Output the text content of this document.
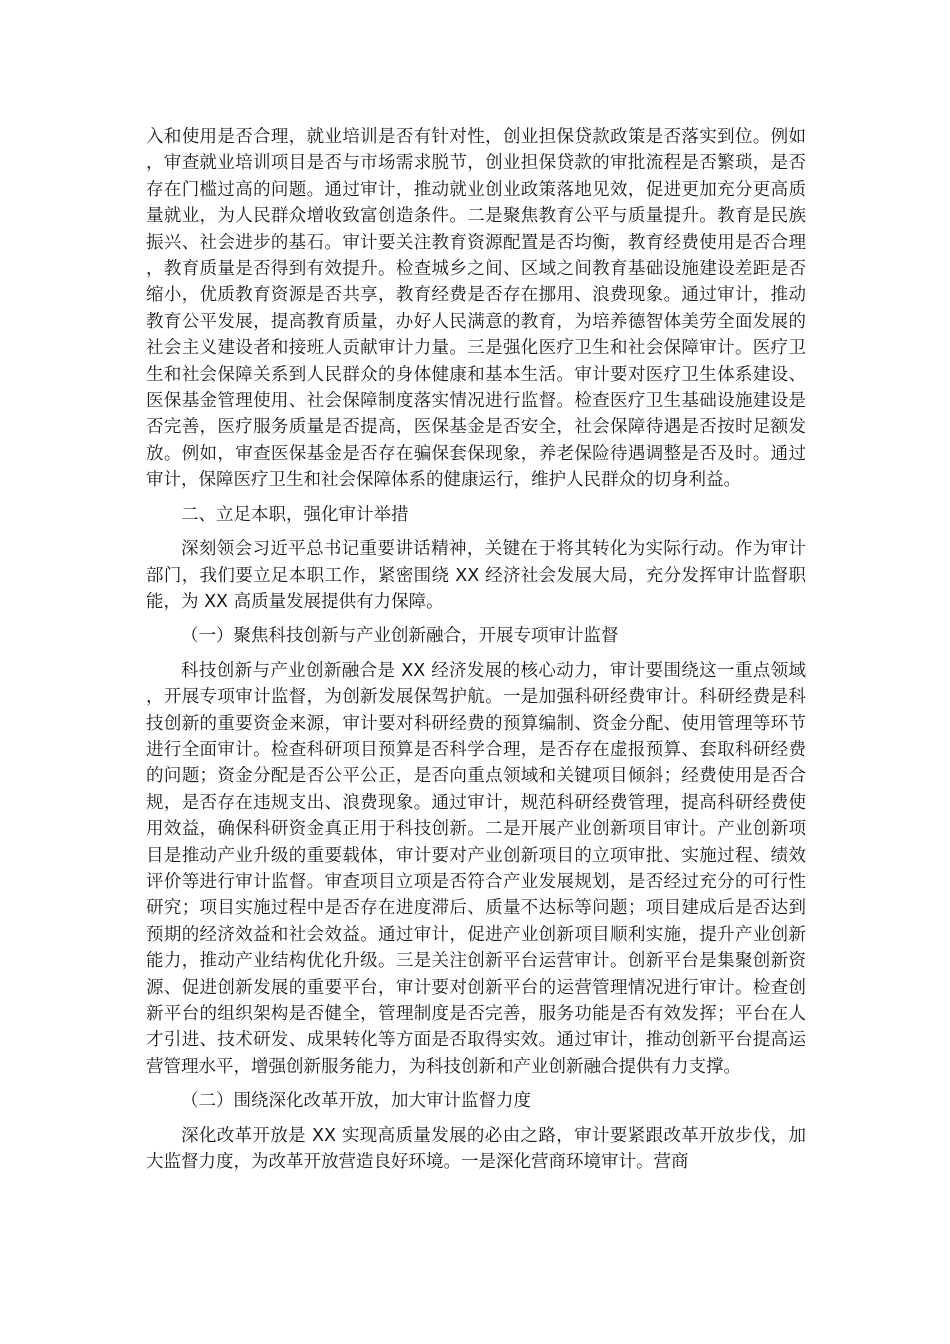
入和使用是否合理，就业培训是否有针对性，创业担保贷款政策是否落实到位。例如，审查就业培训项目是否与市场需求脱节，创业担保贷款的审批流程是否繁琐，是否存在门槛过高的问题。通过审计，推动就业创业政策落地见效，促进更加充分更高质量就业，为人民群众增收致富创造条件。二是聚焦教育公平与质量提升。教育是民族振兴、社会进步的基石。审计要关注教育资源配置是否均衡，教育经费使用是否合理，教育质量是否得到有效提升。检查城乡之间、区域之间教育基础设施建设差距是否缩小，优质教育资源是否共享，教育经费是否存在挪用、浪费现象。通过审计，推动教育公平发展，提高教育质量，办好人民满意的教育，为培养德智体美劳全面发展的社会主义建设者和接班人贡献审计力量。三是强化医疗卫生和社会保障审计。医疗卫生和社会保障关系到人民群众的身体健康和基本生活。审计要对医疗卫生体系建设、医保基金管理使用、社会保障制度落实情况进行监督。检查医疗卫生基础设施建设是否完善，医疗服务质量是否提高，医保基金是否安全，社会保障待遇是否按时足额发放。例如，审查医保基金是否存在骗保套保现象，养老保险待遇调整是否及时。通过审计，保障医疗卫生和社会保障体系的健康运行，维护人民群众的切身利益。

二、立足本职，强化审计举措

深刻领会习近平总书记重要讲话精神，关键在于将其转化为实际行动。作为审计部门，我们要立足本职工作，紧密围绕 XX 经济社会发展大局，充分发挥审计监督职能，为 XX 高质量发展提供有力保障。

（一）聚焦科技创新与产业创新融合，开展专项审计监督

科技创新与产业创新融合是 XX 经济发展的核心动力，审计要围绕这一重点领域，开展专项审计监督，为创新发展保驾护航。一是加强科研经费审计。科研经费是科技创新的重要资金来源，审计要对科研经费的预算编制、资金分配、使用管理等环节进行全面审计。检查科研项目预算是否科学合理，是否存在虚报预算、套取科研经费的问题；资金分配是否公平公正，是否向重点领域和关键项目倾斜；经费使用是否合规，是否存在违规支出、浪费现象。通过审计，规范科研经费管理，提高科研经费使用效益，确保科研资金真正用于科技创新。二是开展产业创新项目审计。产业创新项目是推动产业升级的重要载体，审计要对产业创新项目的立项审批、实施过程、绩效评价等进行审计监督。审查项目立项是否符合产业发展规划，是否经过充分的可行性研究；项目实施过程中是否存在进度滞后、质量不达标等问题；项目建成后是否达到预期的经济效益和社会效益。通过审计，促进产业创新项目顺利实施，提升产业创新能力，推动产业结构优化升级。三是关注创新平台运营审计。创新平台是集聚创新资源、促进创新发展的重要平台，审计要对创新平台的运营管理情况进行审计。检查创新平台的组织架构是否健全，管理制度是否完善，服务功能是否有效发挥；平台在人才引进、技术研发、成果转化等方面是否取得实效。通过审计，推动创新平台提高运营管理水平，增强创新服务能力，为科技创新和产业创新融合提供有力支撑。

（二）围绕深化改革开放，加大审计监督力度

深化改革开放是 XX 实现高质量发展的必由之路，审计要紧跟改革开放步伐，加大监督力度，为改革开放营造良好环境。一是深化营商环境审计。营商
